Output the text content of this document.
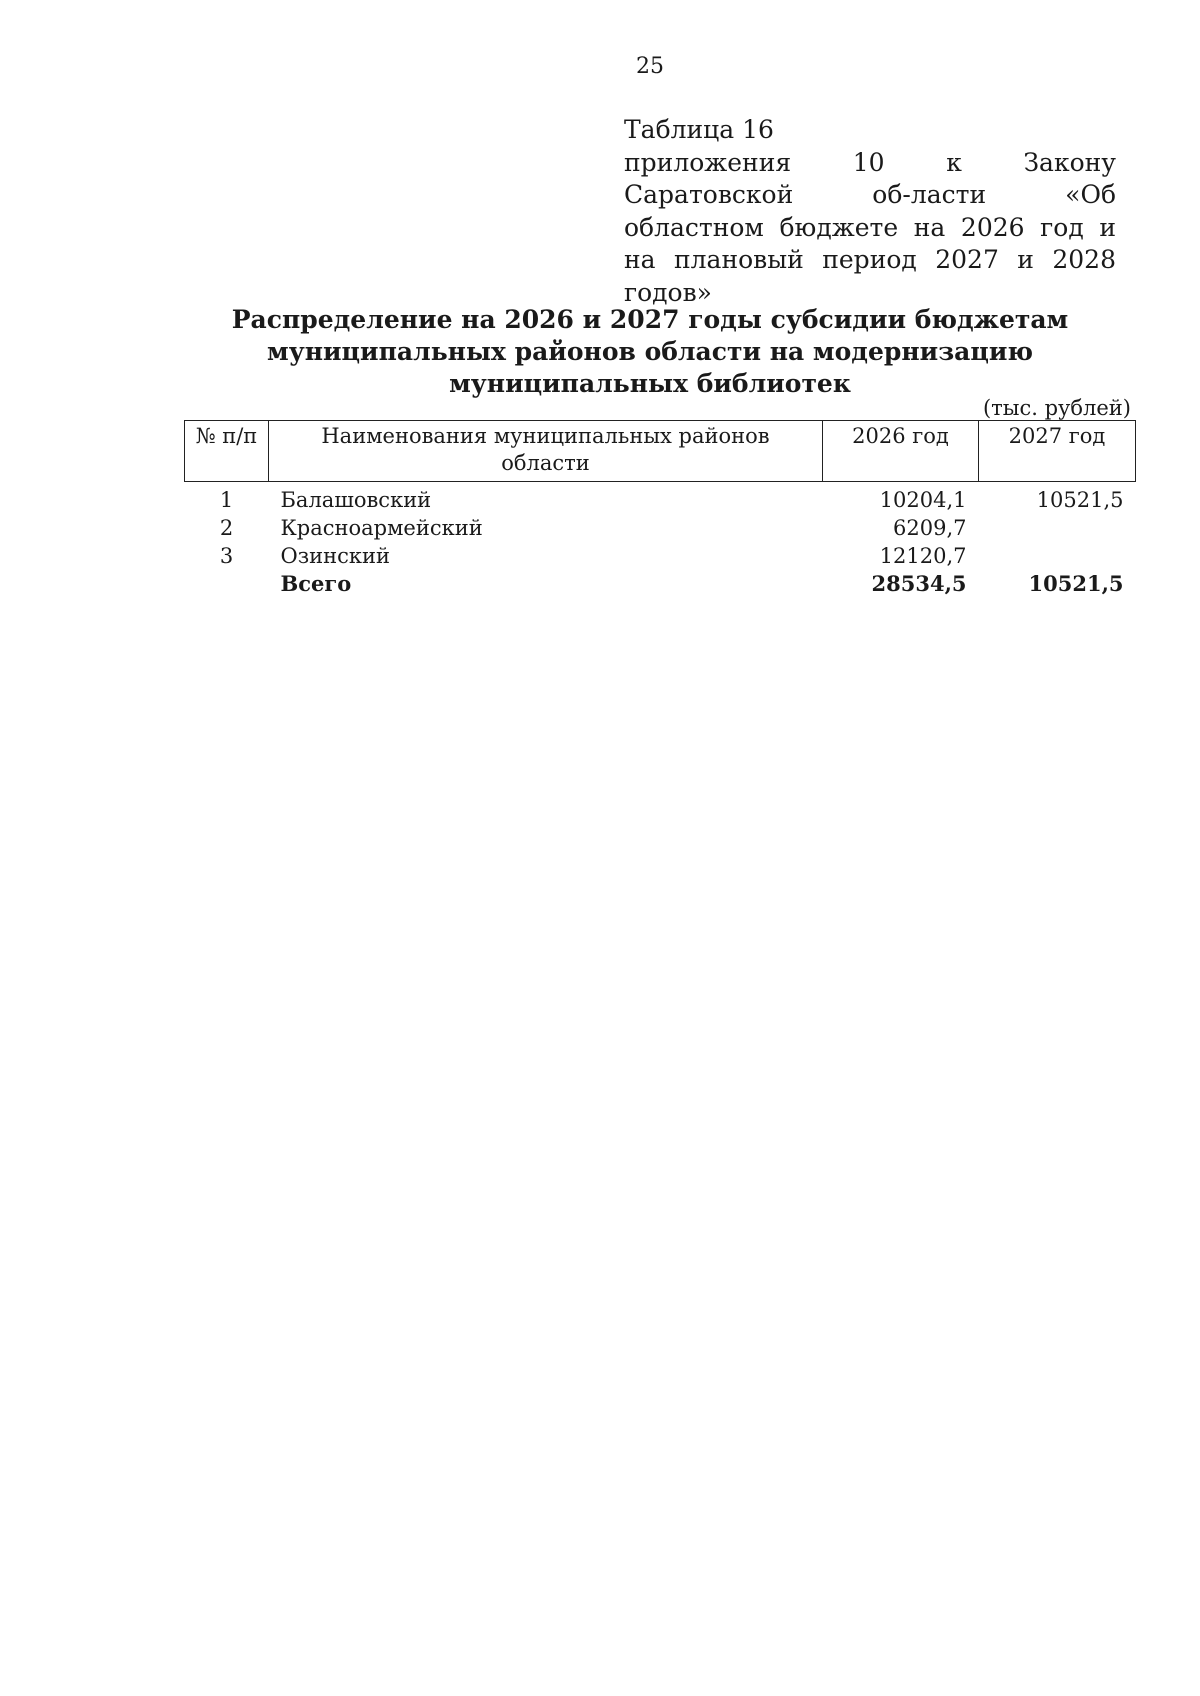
25
Таблица 16
приложения 10 к Закону Саратовской об-ласти «Об областном бюджете на 2026 год и на плановый период 2027 и 2028 годов»
Распределение на 2026 и 2027 годы субсидии бюджетам муниципальных районов области на модернизацию муниципальных библиотек
(тыс. рублей)
№ п/п	Наименования муниципальных районов области	2026 год	2027 год
1	Балашовский	10204,1	10521,5
2	Красноармейский	6209,7	
3	Озинский	12120,7	
	Всего	28534,5	10521,5
